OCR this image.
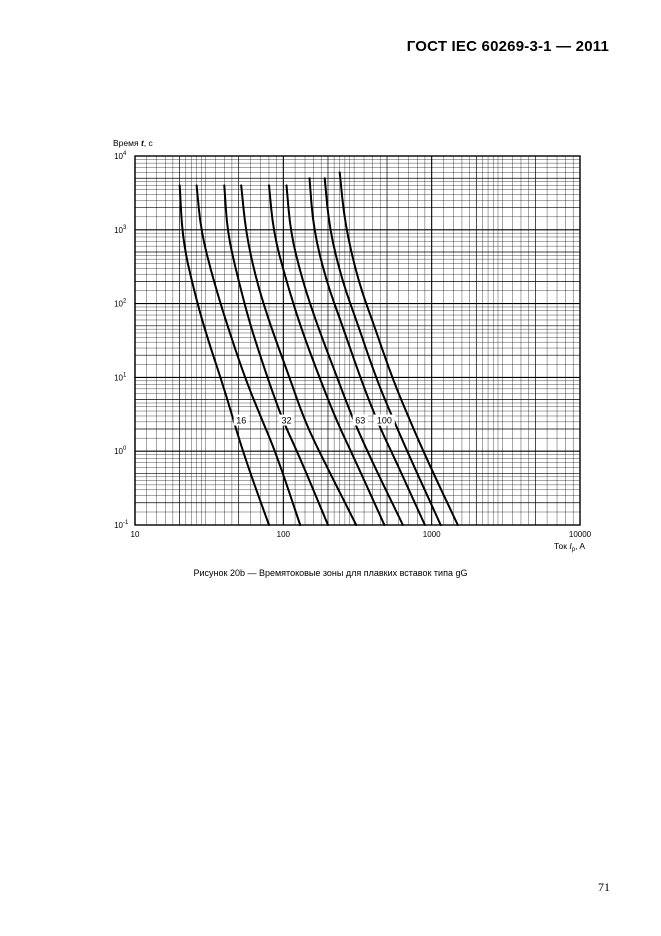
ГОСТ IEC 60269-3-1 — 2011
16	32	63 100
10	100	1000	10000
10 -1
10 0
10 1
10 2
10 3
10 4
Время t, c
Ток $I_p$, A
Рисунок 20b — Времятоковые зоны для плавких вставок типа gG
71
